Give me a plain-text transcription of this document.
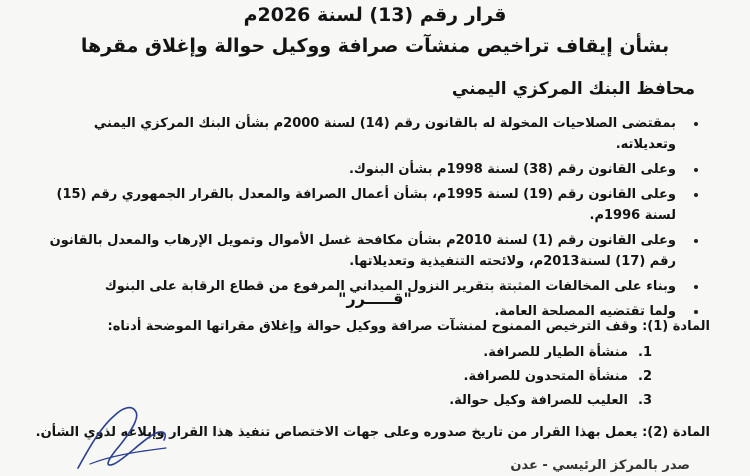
قرار رقم (13) لسنة 2026م
بشأن إيقاف تراخيص منشآت صرافة ووكيل حوالة وإغلاق مقرها

محافظ البنك المركزي اليمني

بمقتضى الصلاحيات المخولة له بالقانون رقم (14) لسنة 2000م بشأن البنك المركزي اليمني وتعديلاته.
وعلى القانون رقم (38) لسنة 1998م بشأن البنوك.
وعلى القانون رقم (19) لسنة 1995م، بشأن أعمال الصرافة والمعدل بالقرار الجمهوري رقم (15) لسنة 1996م.
وعلى القانون رقم (1) لسنة 2010م بشأن مكافحة غسل الأموال وتمويل الإرهاب والمعدل بالقانون رقم (17) لسنة2013م، ولائحته التنفيذية وتعديلاتها.
وبناء على المخالفات المثبتة بتقرير النزول الميداني المرفوع من قطاع الرقابة على البنوك
ولما تقتضيه المصلحة العامة.

"قـــــرر"

المادة (1): وقف الترخيص الممنوح لمنشآت صرافة ووكيل حوالة وإغلاق مقراتها الموضحة أدناه:

1.منشأة الطيار للصرافة.
2.منشأة المتحدون للصرافة.
3.العليب للصرافة وكيل حوالة.

المادة (2): يعمل بهذا القرار من تاريخ صدوره وعلى جهات الاختصاص تنفيذ هذا القرار وإبلاغه لذوي الشأن.

صدر بالمركز الرئيسي - عدن
